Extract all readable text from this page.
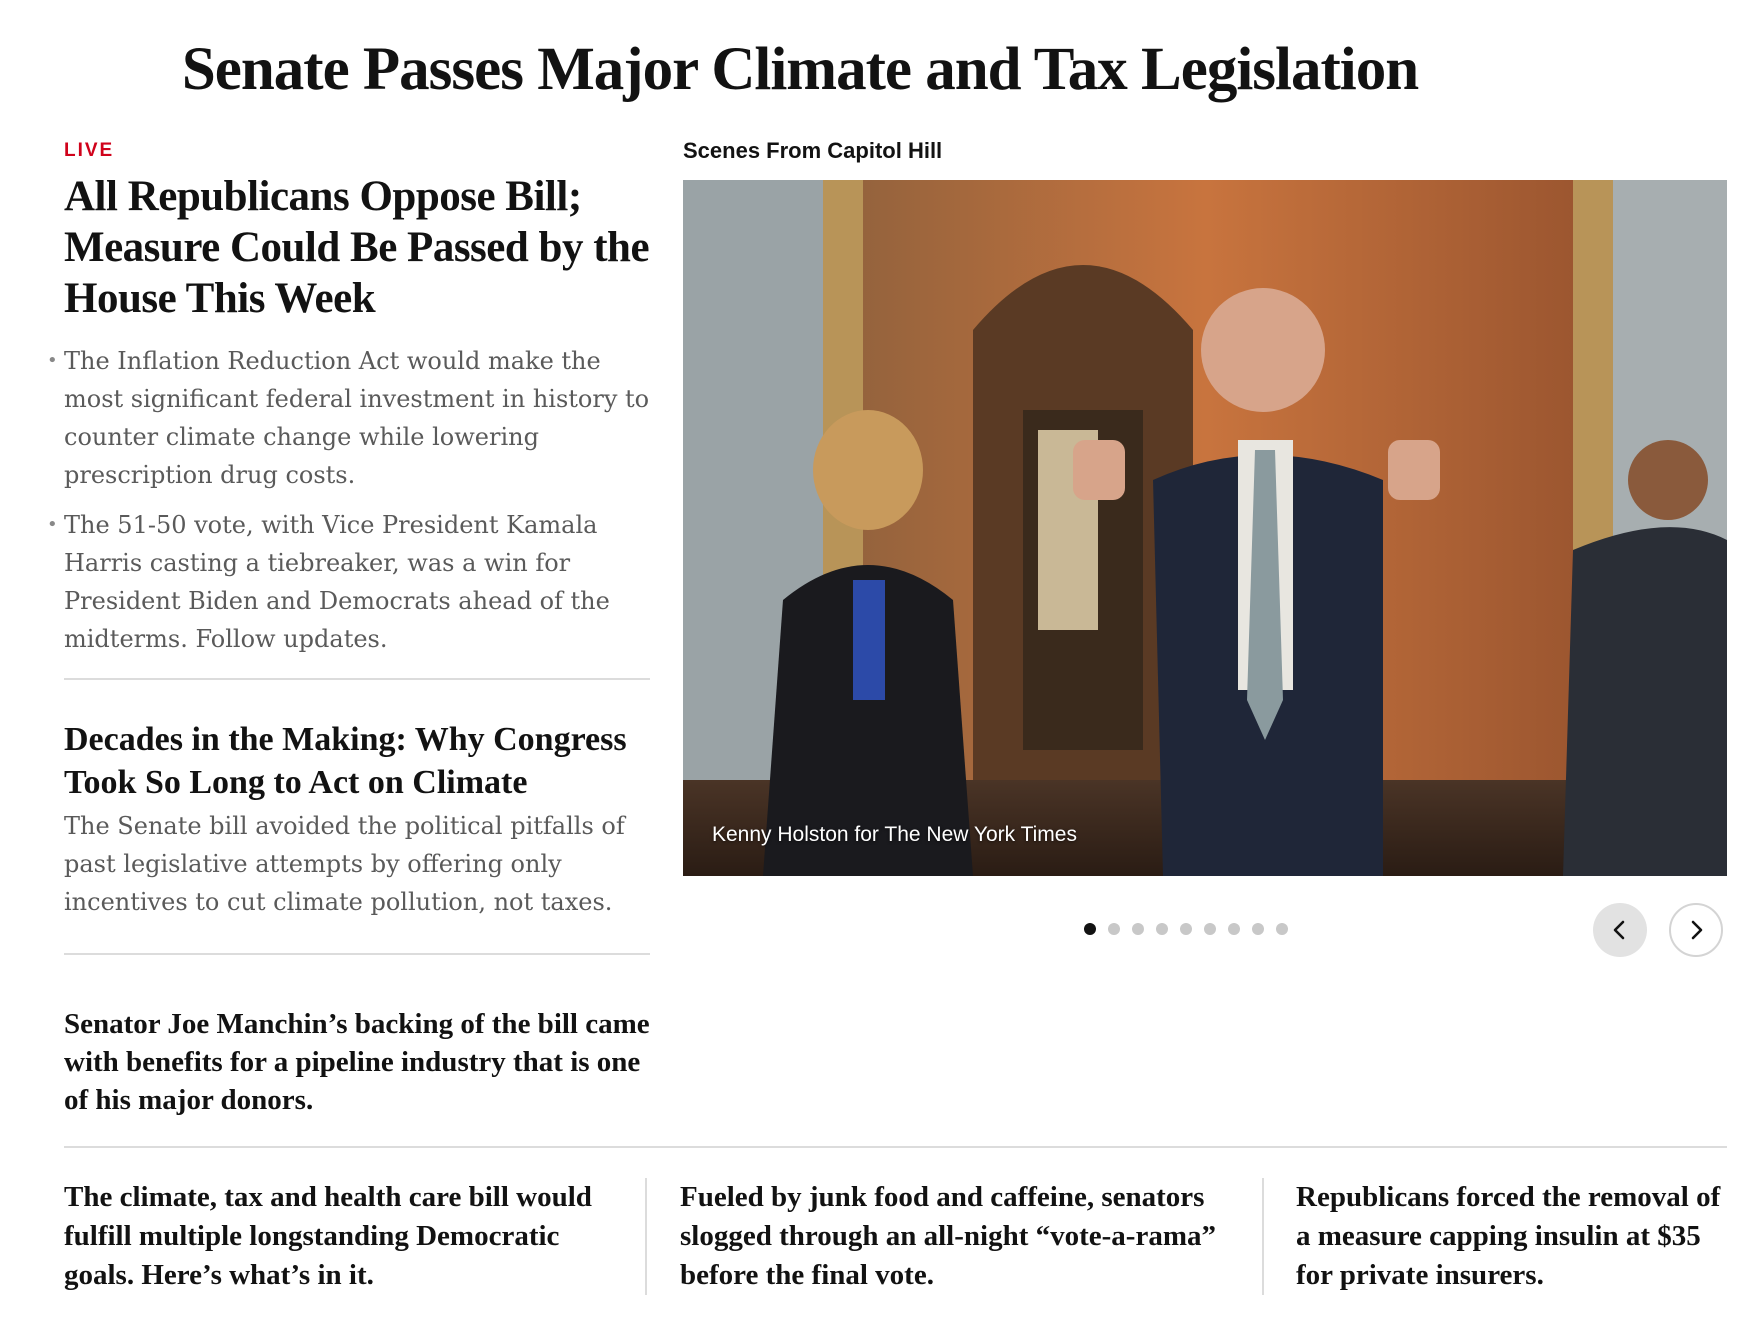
Senate Passes Major Climate and Tax Legislation
LIVE
All Republicans Oppose Bill; Measure Could Be Passed by the House This Week
• The Inflation Reduction Act would make the most significant federal investment in history to counter climate change while lowering prescription drug costs.
• The 51-50 vote, with Vice President Kamala Harris casting a tiebreaker, was a win for President Biden and Democrats ahead of the midterms. Follow updates.
Decades in the Making: Why Congress Took So Long to Act on Climate

The Senate bill avoided the political pitfalls of past legislative attempts by offering only incentives to cut climate pollution, not taxes.

Senator Joe Manchin’s backing of the bill came with benefits for a pipeline industry that is one of his major donors.

Scenes From Capitol Hill
Kenny Holston for The New York Times

The climate, tax and health care bill would fulfill multiple longstanding Democratic goals. Here’s what’s in it.

Fueled by junk food and caffeine, senators slogged through an all-night “vote-a-rama” before the final vote.

Republicans forced the removal of a measure capping insulin at $35 for private insurers.
